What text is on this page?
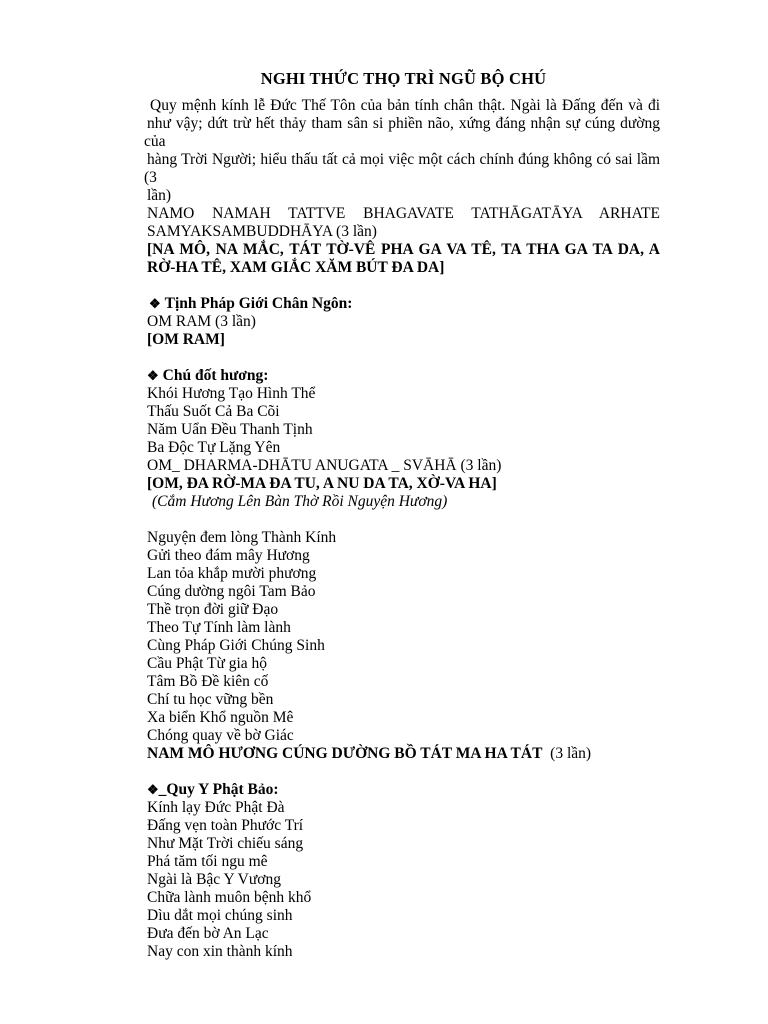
NGHI THỨC THỌ TRÌ NGŨ BỘ CHÚ
Quy mệnh kính lễ Đức Thế Tôn của bản tính chân thật. Ngài là Đấng đến và đi
như vậy; dứt trừ hết thảy tham sân si phiền não, xứng đáng nhận sự cúng dường của
hàng Trời Người; hiểu thấu tất cả mọi việc một cách chính đúng không có sai lầm (3
lần)
NAMO NAMAH TATTVE BHAGAVATE TATHĀGATĀYA ARHATE
SAMYAKSAMBUDDHĀYA (3 lần)
[NA MÔ, NA MẮC, TÁT TỜ-VÊ PHA GA VA TÊ, TA THA GA TA DA, A
RỜ-HA TÊ, XAM GIẮC XĂM BÚT ĐA DA]
❖ Tịnh Pháp Giới Chân Ngôn:
OM RAM (3 lần)
[OM RAM]
❖ Chú đốt hương:
Khói Hương Tạo Hình Thể
Thấu Suốt Cả Ba Cõi
Năm Uẩn Đều Thanh Tịnh
Ba Độc Tự Lặng Yên
OM_ DHARMA-DHĀTU ANUGATA _ SVĀHĀ (3 lần)
[OM, ĐA RỜ-MA ĐA TU, A NU DA TA, XỜ-VA HA]
(Cắm Hương Lên Bàn Thờ Rồi Nguyện Hương)
Nguyện đem lòng Thành Kính
Gửi theo đám mây Hương
Lan tỏa khắp mười phương
Cúng dường ngôi Tam Bảo
Thề trọn đời giữ Đạo
Theo Tự Tính làm lành
Cùng Pháp Giới Chúng Sinh
Cầu Phật Từ gia hộ
Tâm Bồ Đề kiên cố
Chí tu học vững bền
Xa biển Khổ nguồn Mê
Chóng quay về bờ Giác
NAM MÔ HƯƠNG CÚNG DƯỜNG BỒ TÁT MA HA TÁT (3 lần)
❖_Quy Y Phật Bảo:
Kính lạy Đức Phật Đà
Đấng vẹn toàn Phước Trí
Như Mặt Trời chiếu sáng
Phá tăm tối ngu mê
Ngài là Bậc Y Vương
Chữa lành muôn bệnh khổ
Dìu dắt mọi chúng sinh
Đưa đến bờ An Lạc
Nay con xin thành kính
